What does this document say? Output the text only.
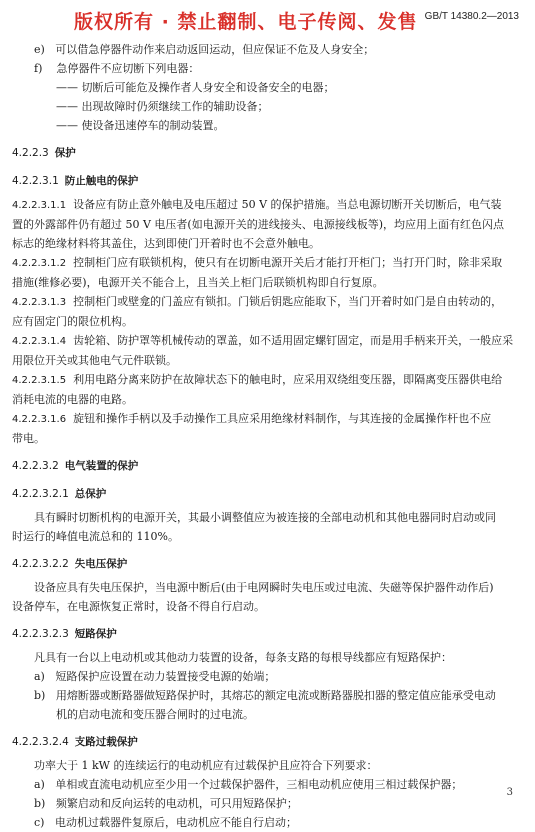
版权所有 · 禁止翻制、电子传阅、发售 GB/T 14380.2—2013
e) 可以借急停器件动作来启动返回运动，但应保证不危及人身安全；
f) 急停器件不应切断下列电器：
—— 切断后可能危及操作者人身安全和设备安全的电器；
—— 出现故障时仍须继续工作的辅助设备；
—— 使设备迅速停车的制动装置。
4.2.2.3 保护
4.2.2.3.1 防止触电的保护
4.2.2.3.1.1 设备应有防止意外触电及电压超过 50 V 的保护措施。当总电源切断开关切断后，电气装
置的外露部件仍有超过 50 V 电压者(如电源开关的进线接头、电源接线板等)，均应用上面有红色闪点
标志的绝缘材料将其盖住，达到即使门开着时也不会意外触电。
4.2.2.3.1.2 控制柜门应有联锁机构，使只有在切断电源开关后才能打开柜门；当打开门时，除非采取
措施(维修必要)，电源开关不能合上，且当关上柜门后联锁机构即自行复原。
4.2.2.3.1.3 控制柜门或壁龛的门盖应有锁扣。门锁后钥匙应能取下，当门开着时如门是自由转动的，
应有固定门的限位机构。
4.2.2.3.1.4 齿轮箱、防护罩等机械传动的罩盖，如不适用固定螺钉固定，而是用手柄来开关，一般应采
用限位开关或其他电气元件联锁。
4.2.2.3.1.5 利用电路分离来防护在故障状态下的触电时，应采用双绕组变压器，即隔离变压器供电给
消耗电流的电器的电路。
4.2.2.3.1.6 旋钮和操作手柄以及手动操作工具应采用绝缘材料制作，与其连接的金属操作杆也不应
带电。
4.2.2.3.2 电气装置的保护
4.2.2.3.2.1 总保护
具有瞬时切断机构的电源开关，其最小调整值应为被连接的全部电动机和其他电器同时启动或同
时运行的峰值电流总和的 110%。
4.2.2.3.2.2 失电压保护
设备应具有失电压保护，当电源中断后(由于电网瞬时失电压或过电流、失磁等保护器件动作后)
设备停车，在电源恢复正常时，设备不得自行启动。
4.2.2.3.2.3 短路保护
凡具有一台以上电动机或其他动力装置的设备，每条支路的每根导线都应有短路保护：
a) 短路保护应设置在动力装置接受电源的始端；
b) 用熔断器或断路器做短路保护时，其熔芯的额定电流或断路器脱扣器的整定值应能承受电动
机的启动电流和变压器合闸时的过电流。
4.2.2.3.2.4 支路过载保护
功率大于 1 kW 的连续运行的电动机应有过载保护且应符合下列要求：
a) 单相或直流电动机应至少用一个过载保护器件，三相电动机应使用三相过载保护器；
b) 频繁启动和反向运转的电动机，可只用短路保护；
c) 电动机过载器件复原后，电动机应不能自行启动；
3
